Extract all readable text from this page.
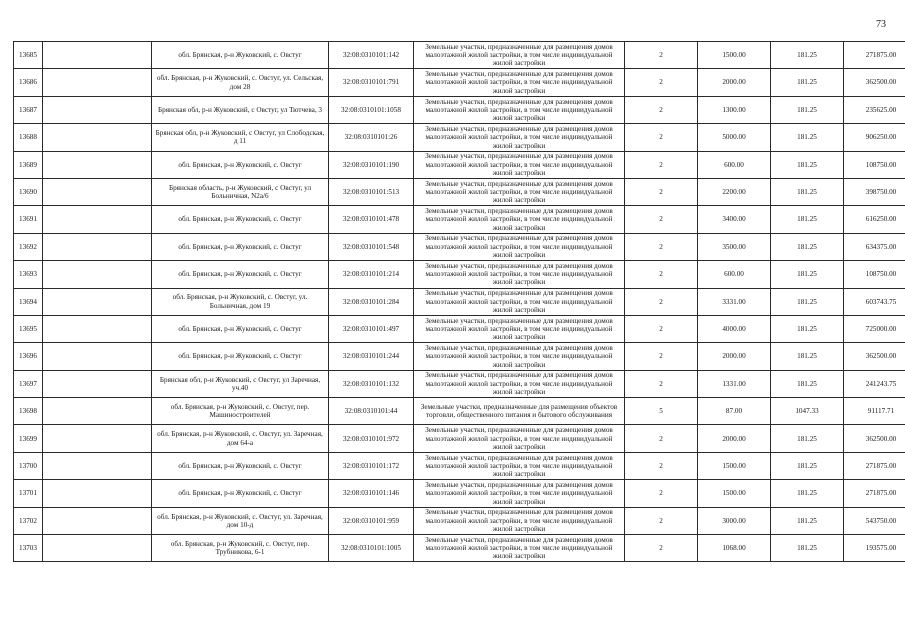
73
13685		обл. Брянская, р-н Жуковский, с. Овстуг	32:08:0310101:142	Земельные участки, предназначенные для размещения домов малоэтажной жилой застройки, в том числе индивидуальной жилой застройки	2	1500.00	181.25	271875.00
13686		обл. Брянская, р-н Жуковский, с. Овстуг, ул. Сельская, дом 28	32:08:0310101:791	Земельные участки, предназначенные для размещения домов малоэтажной жилой застройки, в том числе индивидуальной жилой застройки	2	2000.00	181.25	362500.00
13687		Брянская обл, р-н Жуковский, с Овстуг, ул Тютчева, 3	32:08:0310101:1058	Земельные участки, предназначенные для размещения домов малоэтажной жилой застройки, в том числе индивидуальной жилой застройки	2	1300.00	181.25	235625.00
13688		Брянская обл, р-н Жуковский, с Овстуг, ул Слободская, д 11	32:08:0310101:26	Земельные участки, предназначенные для размещения домов малоэтажной жилой застройки, в том числе индивидуальной жилой застройки	2	5000.00	181.25	906250.00
13689		обл. Брянская, р-н Жуковский, с. Овстуг	32:08:0310101:190	Земельные участки, предназначенные для размещения домов малоэтажной жилой застройки, в том числе индивидуальной жилой застройки	2	600.00	181.25	108750.00
13690		Брянская область, р-н Жуковский, с Овстуг, ул Больничная, N2а/6	32:08:0310101:513	Земельные участки, предназначенные для размещения домов малоэтажной жилой застройки, в том числе индивидуальной жилой застройки	2	2200.00	181.25	398750.00
13691		обл. Брянская, р-н Жуковский, с. Овстуг	32:08:0310101:478	Земельные участки, предназначенные для размещения домов малоэтажной жилой застройки, в том числе индивидуальной жилой застройки	2	3400.00	181.25	616250.00
13692		обл. Брянская, р-н Жуковский, с. Овстуг	32:08:0310101:548	Земельные участки, предназначенные для размещения домов малоэтажной жилой застройки, в том числе индивидуальной жилой застройки	2	3500.00	181.25	634375.00
13693		обл. Брянская, р-н Жуковский, с. Овстуг	32:08:0310101:214	Земельные участки, предназначенные для размещения домов малоэтажной жилой застройки, в том числе индивидуальной жилой застройки	2	600.00	181.25	108750.00
13694		обл. Брянская, р-н Жуковский, с. Овстуг, ул. Больничная, дом 19	32:08:0310101:284	Земельные участки, предназначенные для размещения домов малоэтажной жилой застройки, в том числе индивидуальной жилой застройки	2	3331.00	181.25	603743.75
13695		обл. Брянская, р-н Жуковский, с. Овстуг	32:08:0310101:497	Земельные участки, предназначенные для размещения домов малоэтажной жилой застройки, в том числе индивидуальной жилой застройки	2	4000.00	181.25	725000.00
13696		обл. Брянская, р-н Жуковский, с. Овстуг	32:08:0310101:244	Земельные участки, предназначенные для размещения домов малоэтажной жилой застройки, в том числе индивидуальной жилой застройки	2	2000.00	181.25	362500.00
13697		Брянская обл, р-н Жуковский, с Овстуг, ул Заречная, уч.40	32:08:0310101:132	Земельные участки, предназначенные для размещения домов малоэтажной жилой застройки, в том числе индивидуальной жилой застройки	2	1331.00	181.25	241243.75
13698		обл. Брянская, р-н Жуковский, с. Овстуг, пер. Машиностроителей	32:08:0310101:44	Земельные участки, предназначенные для размещения объектов торговли, общественного питания и бытового обслуживания	5	87.00	1047.33	91117.71
13699		обл. Брянская, р-н Жуковский, с. Овстуг, ул. Заречная, дом 64-а	32:08:0310101:972	Земельные участки, предназначенные для размещения домов малоэтажной жилой застройки, в том числе индивидуальной жилой застройки	2	2000.00	181.25	362500.00
13700		обл. Брянская, р-н Жуковский, с. Овстуг	32:08:0310101:172	Земельные участки, предназначенные для размещения домов малоэтажной жилой застройки, в том числе индивидуальной жилой застройки	2	1500.00	181.25	271875.00
13701		обл. Брянская, р-н Жуковский, с. Овстуг	32:08:0310101:146	Земельные участки, предназначенные для размещения домов малоэтажной жилой застройки, в том числе индивидуальной жилой застройки	2	1500.00	181.25	271875.00
13702		обл. Брянская, р-н Жуковский, с. Овстуг, ул. Заречная, дом 10-д	32:08:0310101:959	Земельные участки, предназначенные для размещения домов малоэтажной жилой застройки, в том числе индивидуальной жилой застройки	2	3000.00	181.25	543750.00
13703		обл. Брянская, р-н Жуковский, с. Овстуг, пер. Трубникова, 6-1	32:08:0310101:1005	Земельные участки, предназначенные для размещения домов малоэтажной жилой застройки, в том числе индивидуальной жилой застройки	2	1068.00	181.25	193575.00
